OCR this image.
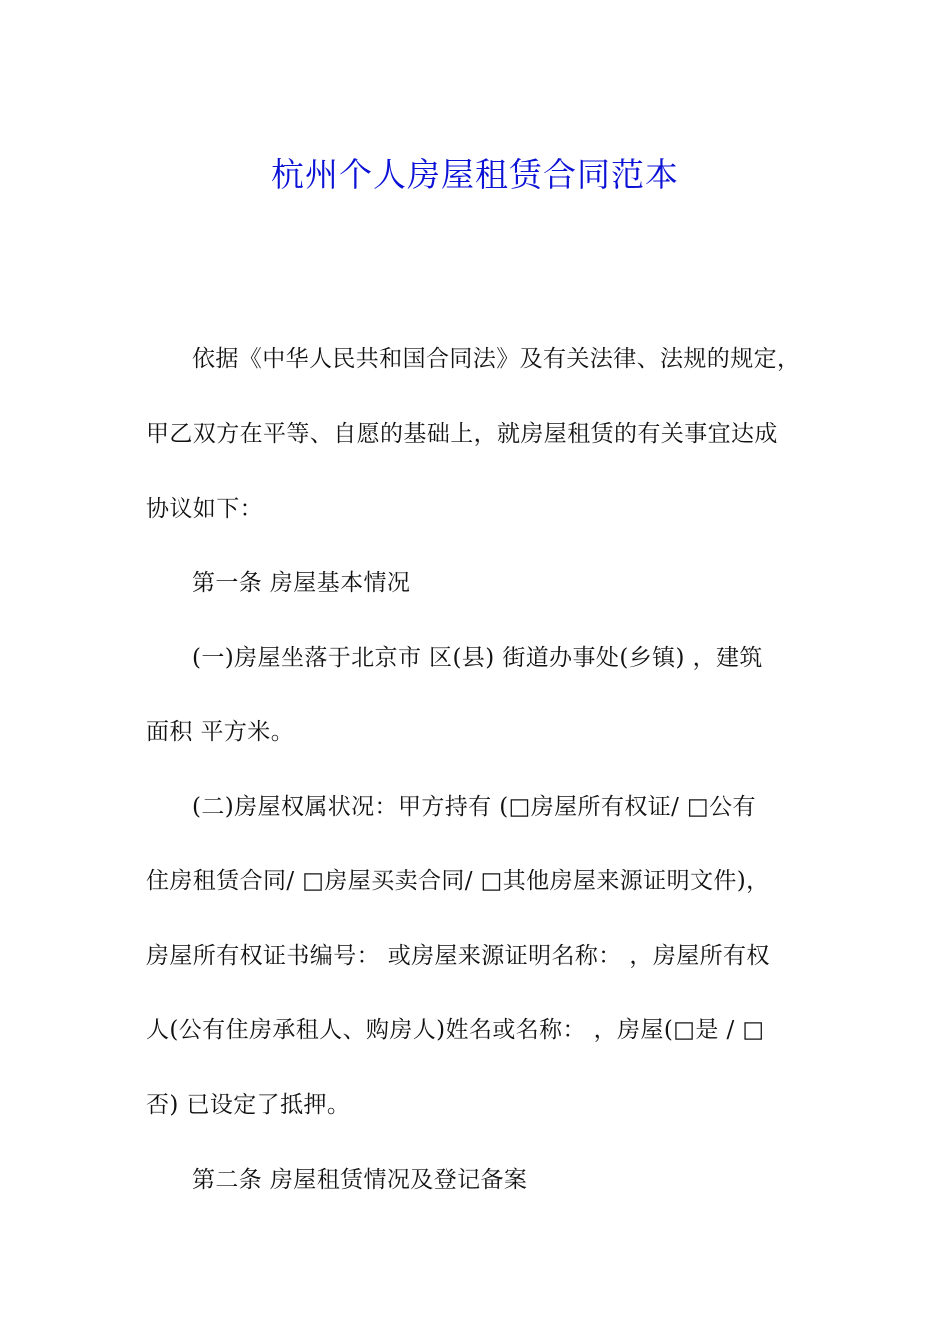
杭州个人房屋租赁合同范本
依据《中华人民共和国合同法》及有关法律、法规的规定，
甲乙双方在平等、自愿的基础上，就房屋租赁的有关事宜达成
协议如下：
第一条 房屋基本情况
(一)房屋坐落于北京市 区(县) 街道办事处(乡镇) ，建筑
面积 平方米。
(二)房屋权属状况：甲方持有 (□房屋所有权证/ □公有
住房租赁合同/ □房屋买卖合同/ □其他房屋来源证明文件)，
房屋所有权证书编号： 或房屋来源证明名称： ，房屋所有权
人(公有住房承租人、购房人)姓名或名称： ，房屋(□是 / □
否) 已设定了抵押。
第二条 房屋租赁情况及登记备案
